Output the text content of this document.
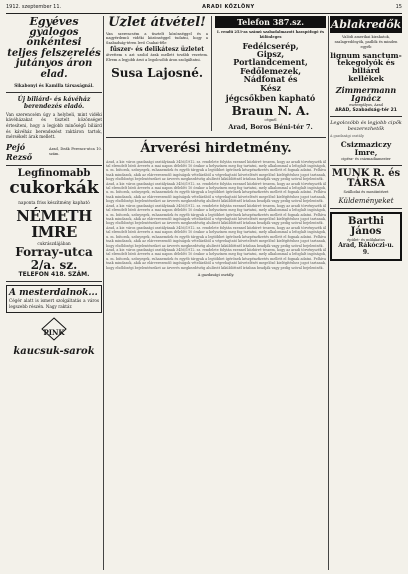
1912. szeptember 11.	ARADI KÖZLÖNY	15
Egyéves
gyalogos önkéntesi
teljes felszerelés
jutányos áron elad.
Sikabonyi és Kamilla társaságnál.
Új biliárd- és kávéház berendezés eladó.
Van szerencsém úgy a helybeli, mint vidéki kávéházakat és tisztelt közönséget értesíteni, hogy a legjobb minőségű biliárd és kávéház berendezést raktáron tartok, mérsékelt árak mellett.
Pejó Rezső
Arad, Deák Ferencz-utca 10. szám.
Legfinomabb
cukorkák
naponta friss készítmény kapható
NÉMETH IMRE
cukrászdájában
Forray-utca 2/a. sz.
TELEFON 418. SZÁM.
A mesterdalnok...
Cégér alatt is ismert szolgáltatás a város legszebb részén. Nagy raktár.
PINK
kaucsuk-sarok
Üzlet átvétel!
Van szerencsém a tisztelt közönséggel és a nagyérdemű vidéki közönséggel tudatni, hogy a Szabadság-téren levő Csabai-féle
fűszer- és delikátesz üzletet
átvettem s azt szolid árak mellett tovább vezetem. Elvem a legjobb árut a legolcsóbb áron szolgáltatni.
Susa Lajosné.
Telefon 387.sz.
I. rendű 253-as számú szabadalmazott harapófogó és különleges
Fedélcserép,
Gipsz,
Portlandcement,
Fedőlemezek,
Nádfonat és
Kész
jégcsőkben kapható
Braun N. A.
cégnél
Arad, Boros Béni-tér 7.
Árverési hirdetmény.
Arad, a kir. város gazdasági osztályának 3456/1912. sz. rendelete folytán ezennel közhírré teszem, hogy az aradi törvényszék által elrendelt bírói árverés a mai napon délelőtt 10 órakor a helyszínen meg fog tartatni, mely alkalommal a lefoglalt ingóságok, u. m. bútorok, szőnyegek, ruhaneműek és egyéb tárgyak a legtöbbet ígérőnek készpénzfizetés mellett el fognak adatni. Felhívatnak mindazok, akik az elárverezendő ingóságok vételárából a végrehajtató követelését megelőző kielégítéshez jogot tartanak, hogy elsőbbségi bejelentéseiket az árverés megkezdéséig alulírott kiküldöttnél írásban beadják vagy pedig szóval bejelentsék.
Arad, a kir. város gazdasági osztályának 3456/1912. sz. rendelete folytán ezennel közhírré teszem, hogy az aradi törvényszék által elrendelt bírói árverés a mai napon délelőtt 10 órakor a helyszínen meg fog tartatni, mely alkalommal a lefoglalt ingóságok, u. m. bútorok, szőnyegek, ruhaneműek és egyéb tárgyak a legtöbbet ígérőnek készpénzfizetés mellett el fognak adatni. Felhívatnak mindazok, akik az elárverezendő ingóságok vételárából a végrehajtató követelését megelőző kielégítéshez jogot tartanak, hogy elsőbbségi bejelentéseiket az árverés megkezdéséig alulírott kiküldöttnél írásban beadják vagy pedig szóval bejelentsék.
Arad, a kir. város gazdasági osztályának 3456/1912. sz. rendelete folytán ezennel közhírré teszem, hogy az aradi törvényszék által elrendelt bírói árverés a mai napon délelőtt 10 órakor a helyszínen meg fog tartatni, mely alkalommal a lefoglalt ingóságok, u. m. bútorok, szőnyegek, ruhaneműek és egyéb tárgyak a legtöbbet ígérőnek készpénzfizetés mellett el fognak adatni. Felhívatnak mindazok, akik az elárverezendő ingóságok vételárából a végrehajtató követelését megelőző kielégítéshez jogot tartanak, hogy elsőbbségi bejelentéseiket az árverés megkezdéséig alulírott kiküldöttnél írásban beadják vagy pedig szóval bejelentsék.
Arad, a kir. város gazdasági osztályának 3456/1912. sz. rendelete folytán ezennel közhírré teszem, hogy az aradi törvényszék által elrendelt bírói árverés a mai napon délelőtt 10 órakor a helyszínen meg fog tartatni, mely alkalommal a lefoglalt ingóságok, u. m. bútorok, szőnyegek, ruhaneműek és egyéb tárgyak a legtöbbet ígérőnek készpénzfizetés mellett el fognak adatni. Felhívatnak mindazok, akik az elárverezendő ingóságok vételárából a végrehajtató követelését megelőző kielégítéshez jogot tartanak, hogy elsőbbségi bejelentéseiket az árverés megkezdéséig alulírott kiküldöttnél írásban beadják vagy pedig szóval bejelentsék.
Arad, a kir. város gazdasági osztályának 3456/1912. sz. rendelete folytán ezennel közhírré teszem, hogy az aradi törvényszék által elrendelt bírói árverés a mai napon délelőtt 10 órakor a helyszínen meg fog tartatni, mely alkalommal a lefoglalt ingóságok, u. m. bútorok, szőnyegek, ruhaneműek és egyéb tárgyak a legtöbbet ígérőnek készpénzfizetés mellett el fognak adatni. Felhívatnak mindazok, akik az elárverezendő ingóságok vételárából a végrehajtató követelését megelőző kielégítéshez jogot tartanak, hogy elsőbbségi bejelentéseiket az árverés megkezdéséig alulírott kiküldöttnél írásban beadják vagy pedig szóval bejelentsék.
A gazdasági osztály.
Ablakredők
Valódi amerikai kirakatok, szalagredőnyök, padlók és minden egyéb
lignum sanctum-
tekegolyók és biliárd
kellékek
Zimmermann Ignácz
esztergályos, Arad
ARAD, Szabadság-tér 21
Legolcsóbb és legjobb cipők beszerezhetők
A gazdasági osztály.
Csizmaziczy Imre,
cipész- és csizmadiamester
MUNK R. és TÁRSA
Szállodai és mosóintézet
Küldeményeket
Barthi János
épület- és műlakatos
Arad, Rákóczi-u. 9.
